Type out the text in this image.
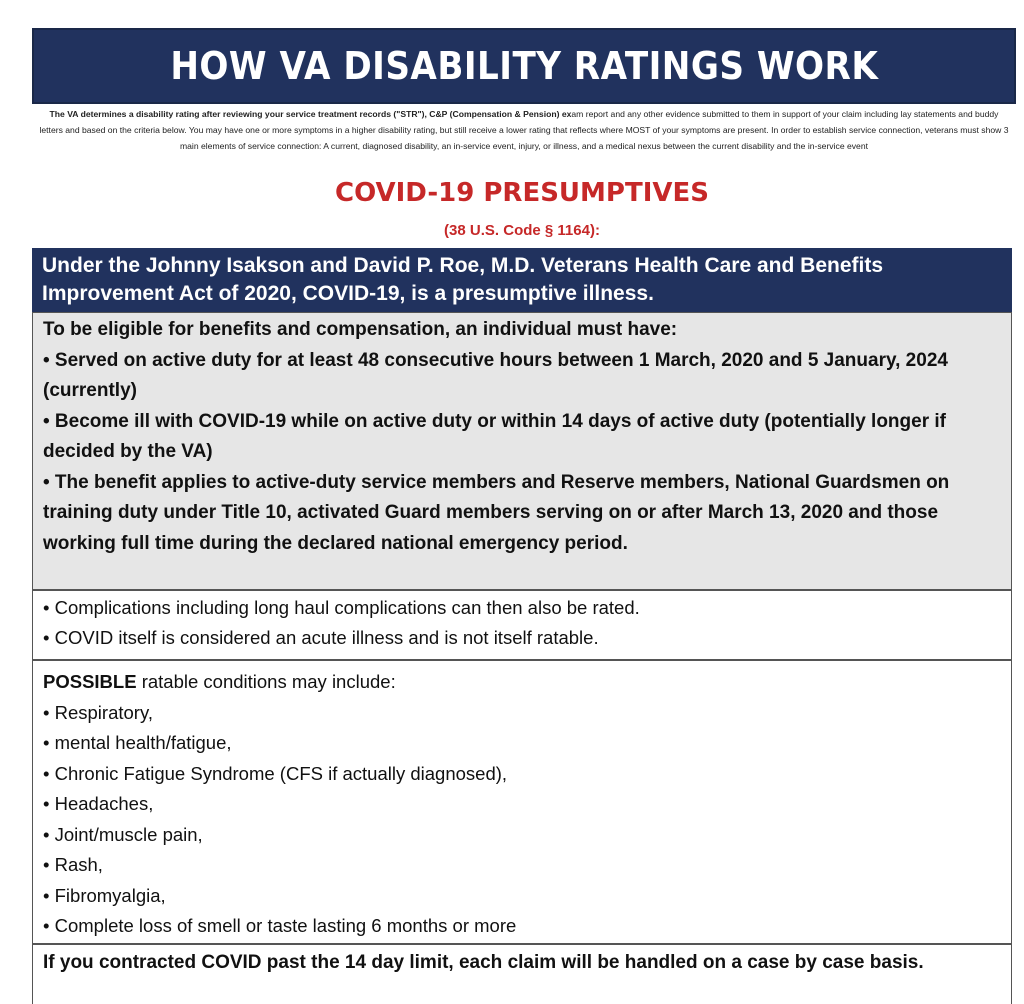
HOW VA DISABILITY RATINGS WORK
The VA determines a disability rating after reviewing your service treatment records ("STR"), C&P (Compensation & Pension) exam report and any other evidence submitted to them in support of your claim including lay statements and buddy letters and based on the criteria below. You may have one or more symptoms in a higher disability rating, but still receive a lower rating that reflects where MOST of your symptoms are present. In order to establish service connection, veterans must show 3 main elements of service connection: A current, diagnosed disability, an in-service event, injury, or illness, and a medical nexus between the current disability and the in-service event
COVID-19 PRESUMPTIVES
(38 U.S. Code § 1164):
Under the Johnny Isakson and David P. Roe, M.D. Veterans Health Care and Benefits Improvement Act of 2020, COVID-19, is a presumptive illness.

To be eligible for benefits and compensation, an individual must have:

• Served on active duty for at least 48 consecutive hours between 1 March, 2020 and 5 January, 2024 (currently)

• Become ill with COVID-19 while on active duty or within 14 days of active duty (potentially longer if decided by the VA)

• The benefit applies to active-duty service members and Reserve members, National Guardsmen on training duty under Title 10, activated Guard members serving on or after March 13, 2020 and those working full time during the declared national emergency period.

• Complications including long haul complications can then also be rated.

• COVID itself is considered an acute illness and is not itself ratable.

POSSIBLE ratable conditions may include:

• Respiratory,

• mental health/fatigue,

• Chronic Fatigue Syndrome (CFS if actually diagnosed),

• Headaches,

• Joint/muscle pain,

• Rash,

• Fibromyalgia,

• Complete loss of smell or taste lasting 6 months or more

If you contracted COVID past the 14 day limit, each claim will be handled on a case by case basis.
